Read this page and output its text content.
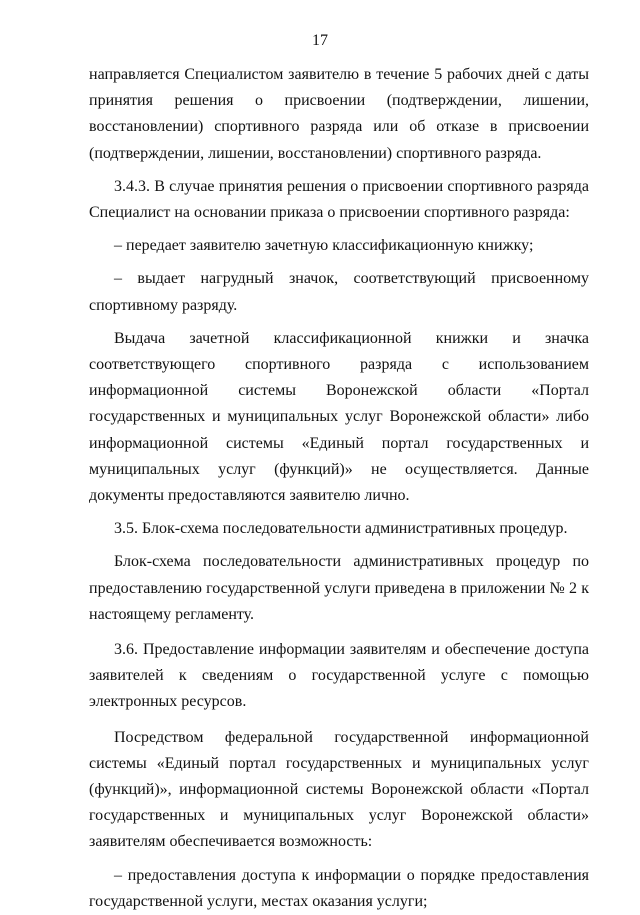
17

направляется Специалистом заявителю в течение 5 рабочих дней с даты принятия решения о присвоении (подтверждении, лишении, восстановлении) спортивного разряда или об отказе в присвоении (подтверждении, лишении, восстановлении) спортивного разряда.

3.4.3. В случае принятия решения о присвоении спортивного разряда Специалист на основании приказа о присвоении спортивного разряда:

– передает заявителю зачетную классификационную книжку;

– выдает нагрудный значок, соответствующий присвоенному спортивному разряду.

Выдача зачетной классификационной книжки и значка соответствующего спортивного разряда с использованием информационной системы Воронежской области «Портал государственных и муниципальных услуг Воронежской области» либо информационной системы «Единый портал государственных и муниципальных услуг (функций)» не осуществляется. Данные документы предоставляются заявителю лично.

3.5. Блок-схема последовательности административных процедур.

Блок-схема последовательности административных процедур по предоставлению государственной услуги приведена в приложении № 2 к настоящему регламенту.

3.6. Предоставление информации заявителям и обеспечение доступа заявителей к сведениям о государственной услуге с помощью электронных ресурсов.

Посредством федеральной государственной информационной системы «Единый портал государственных и муниципальных услуг (функций)», информационной системы Воронежской области «Портал государственных и муниципальных услуг Воронежской области» заявителям обеспечивается возможность:

– предоставления доступа к информации о порядке предоставления государственной услуги, местах оказания услуги;
